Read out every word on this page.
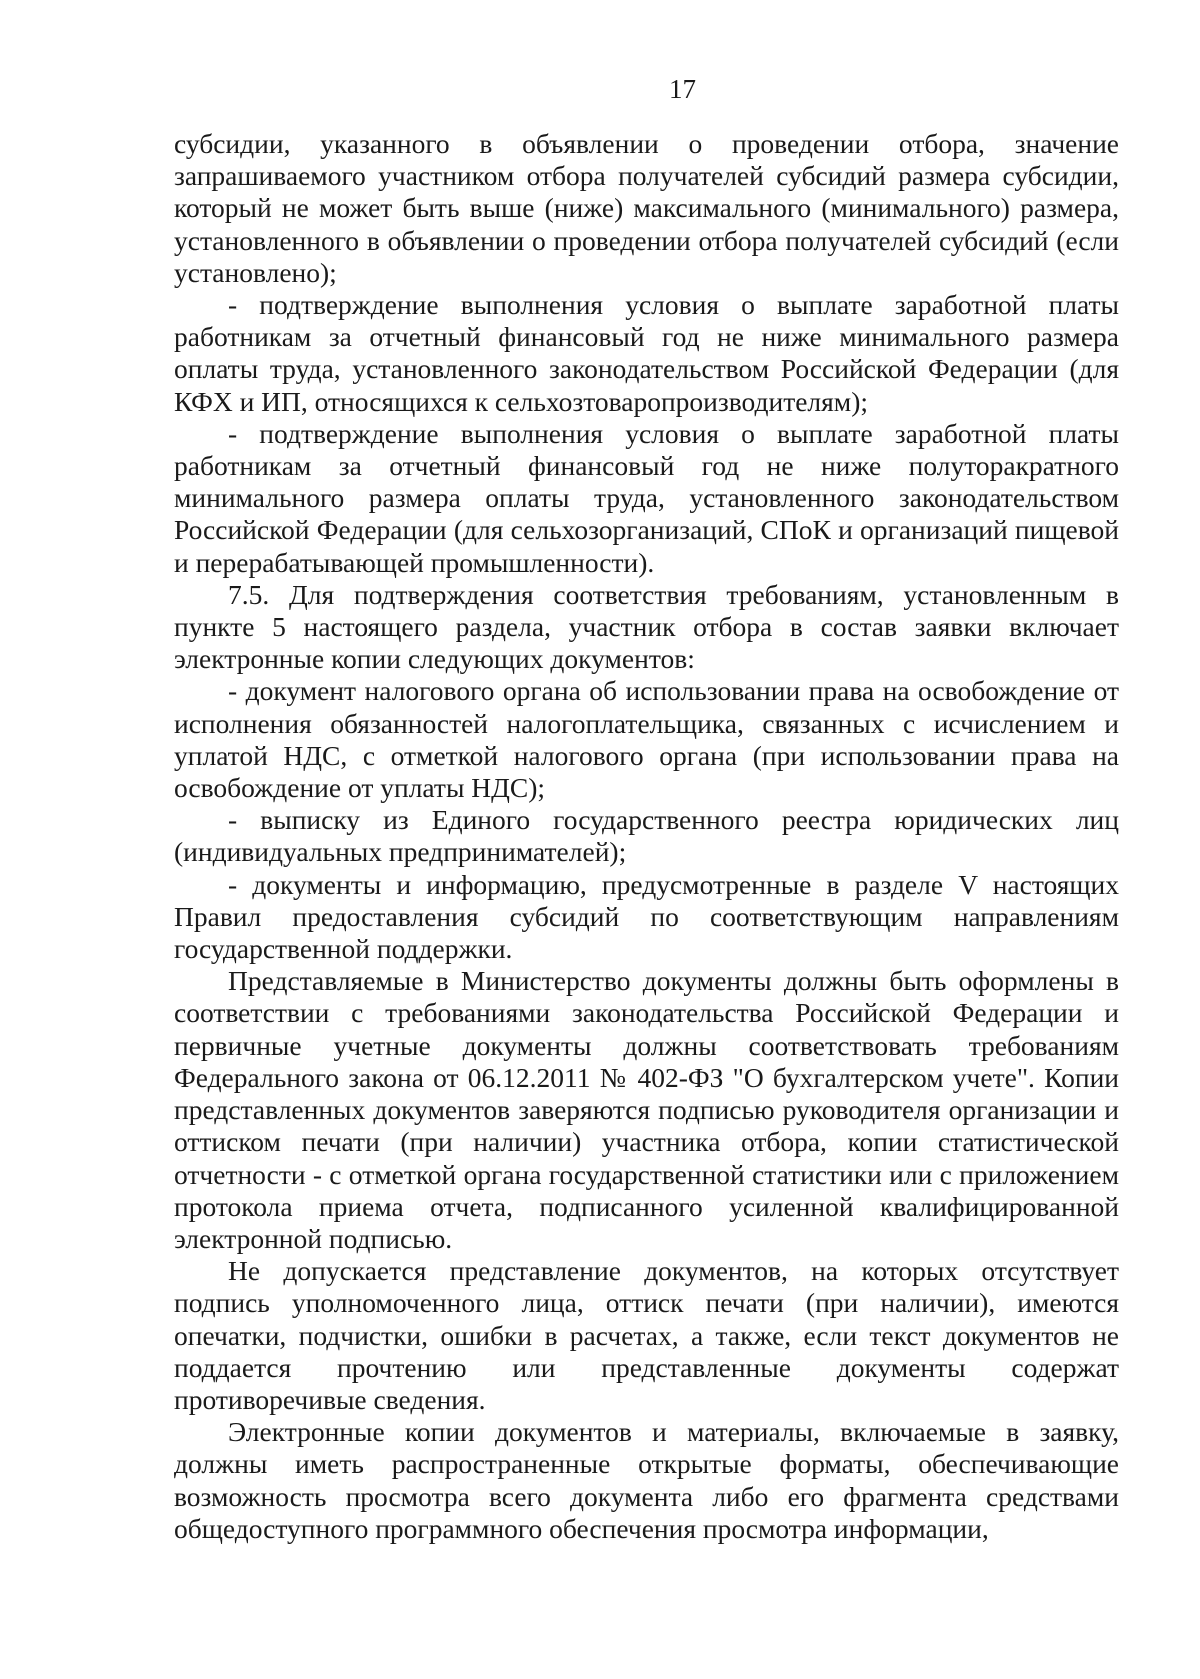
17

субсидии, указанного в объявлении о проведении отбора, значение запрашиваемого участником отбора получателей субсидий размера субсидии, который не может быть выше (ниже) максимального (минимального) размера, установленного в объявлении о проведении отбора получателей субсидий (если установлено);

- подтверждение выполнения условия о выплате заработной платы работникам за отчетный финансовый год не ниже минимального размера оплаты труда, установленного законодательством Российской Федерации (для КФХ и ИП, относящихся к сельхозтоваропроизводителям);

- подтверждение выполнения условия о выплате заработной платы работникам за отчетный финансовый год не ниже полуторакратного минимального размера оплаты труда, установленного законодательством Российской Федерации (для сельхозорганизаций, СПоК и организаций пищевой и перерабатывающей промышленности).

7.5. Для подтверждения соответствия требованиям, установленным в пункте 5 настоящего раздела, участник отбора в состав заявки включает электронные копии следующих документов:

- документ налогового органа об использовании права на освобождение от исполнения обязанностей налогоплательщика, связанных с исчислением и уплатой НДС, с отметкой налогового органа (при использовании права на освобождение от уплаты НДС);

- выписку из Единого государственного реестра юридических лиц (индивидуальных предпринимателей);

- документы и информацию, предусмотренные в разделе V настоящих Правил предоставления субсидий по соответствующим направлениям государственной поддержки.

Представляемые в Министерство документы должны быть оформлены в соответствии с требованиями законодательства Российской Федерации и первичные учетные документы должны соответствовать требованиям Федерального закона от 06.12.2011 № 402-ФЗ "О бухгалтерском учете". Копии представленных документов заверяются подписью руководителя организации и оттиском печати (при наличии) участника отбора, копии статистической отчетности - с отметкой органа государственной статистики или с приложением протокола приема отчета, подписанного усиленной квалифицированной электронной подписью.

Не допускается представление документов, на которых отсутствует подпись уполномоченного лица, оттиск печати (при наличии), имеются опечатки, подчистки, ошибки в расчетах, а также, если текст документов не поддается прочтению или представленные документы содержат противоречивые сведения.

Электронные копии документов и материалы, включаемые в заявку, должны иметь распространенные открытые форматы, обеспечивающие возможность просмотра всего документа либо его фрагмента средствами общедоступного программного обеспечения просмотра информации,
